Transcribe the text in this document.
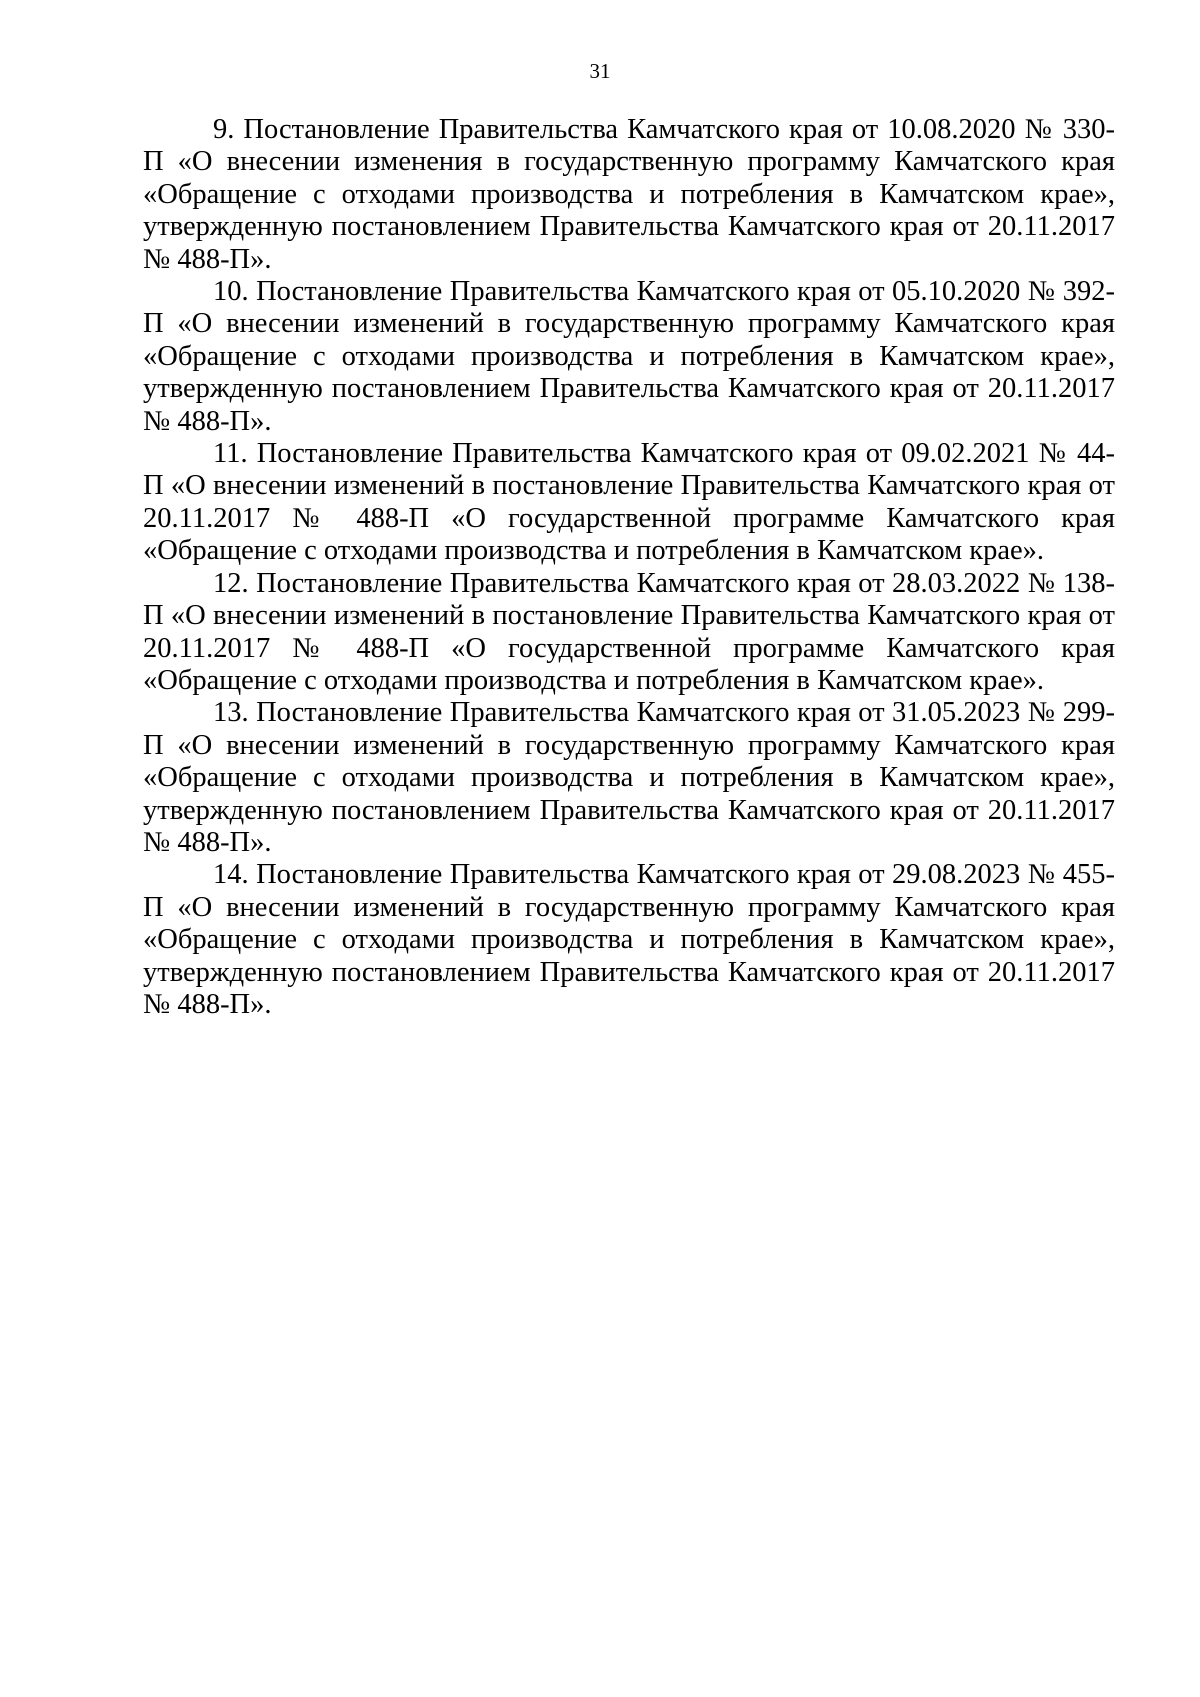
31

9. Постановление Правительства Камчатского края от 10.08.2020 № 330-П «О внесении изменения в государственную программу Камчатского края «Обращение с отходами производства и потребления в Камчатском крае», утвержденную постановлением Правительства Камчатского края от 20.11.2017 № 488-П».

10. Постановление Правительства Камчатского края от 05.10.2020 № 392-П «О внесении изменений в государственную программу Камчатского края «Обращение с отходами производства и потребления в Камчатском крае», утвержденную постановлением Правительства Камчатского края от 20.11.2017 № 488-П».

11. Постановление Правительства Камчатского края от 09.02.2021 № 44-П «О внесении изменений в постановление Правительства Камчатского края от 20.11.2017 № 488-П «О государственной программе Камчатского края «Обращение с отходами производства и потребления в Камчатском крае».

12. Постановление Правительства Камчатского края от 28.03.2022 № 138-П «О внесении изменений в постановление Правительства Камчатского края от 20.11.2017 № 488-П «О государственной программе Камчатского края «Обращение с отходами производства и потребления в Камчатском крае».

13. Постановление Правительства Камчатского края от 31.05.2023 № 299-П «О внесении изменений в государственную программу Камчатского края «Обращение с отходами производства и потребления в Камчатском крае», утвержденную постановлением Правительства Камчатского края от 20.11.2017 № 488-П».

14. Постановление Правительства Камчатского края от 29.08.2023 № 455-П «О внесении изменений в государственную программу Камчатского края «Обращение с отходами производства и потребления в Камчатском крае», утвержденную постановлением Правительства Камчатского края от 20.11.2017 № 488-П».
